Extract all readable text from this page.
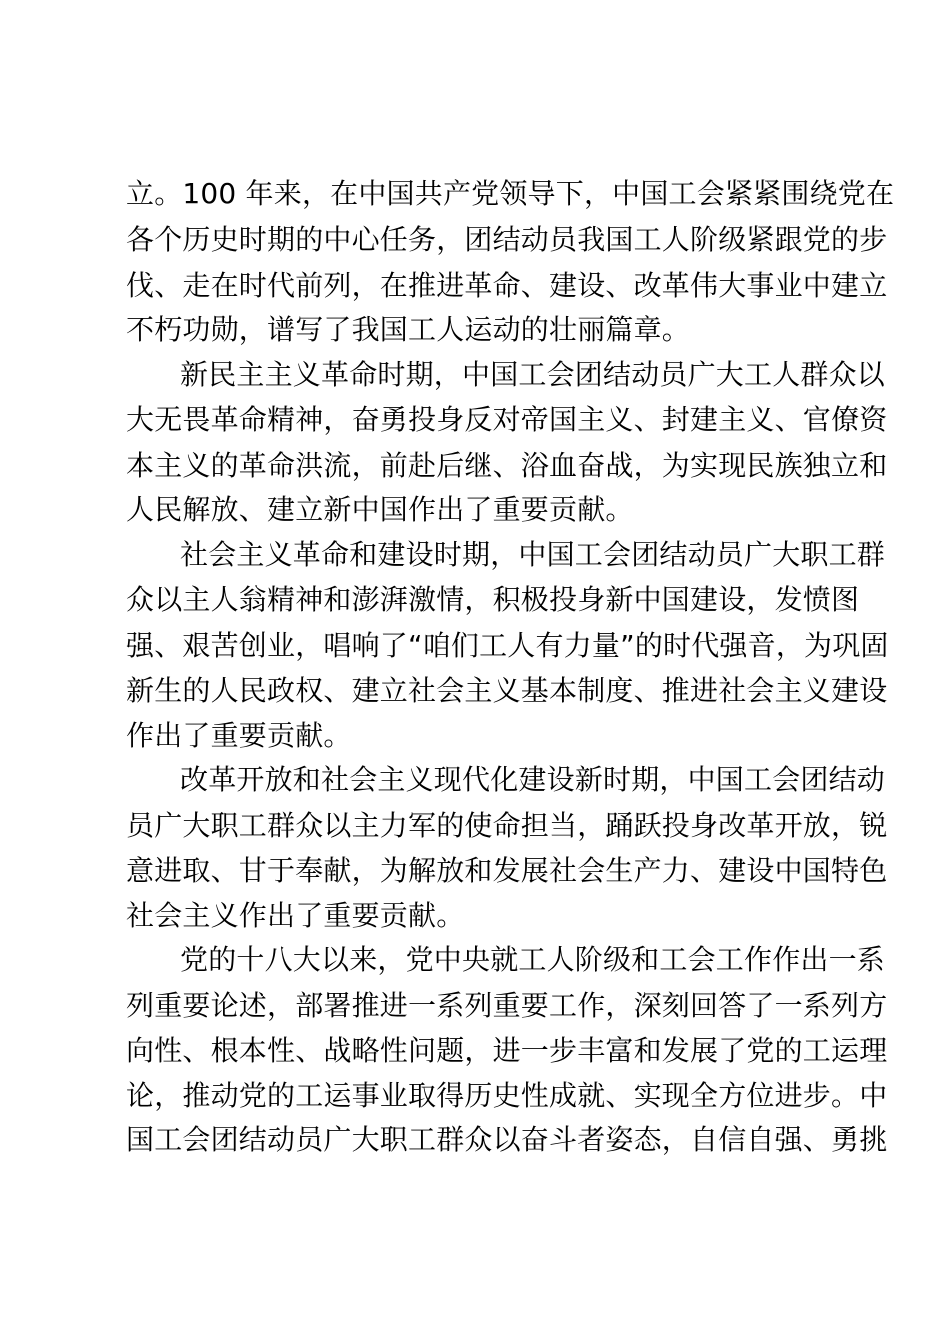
立。100 年来，在中国共产党领导下，中国工会紧紧围绕党在
各个历史时期的中心任务，团结动员我国工人阶级紧跟党的步
伐、走在时代前列，在推进革命、建设、改革伟大事业中建立
不朽功勋，谱写了我国工人运动的壮丽篇章。
新民主主义革命时期，中国工会团结动员广大工人群众以
大无畏革命精神，奋勇投身反对帝国主义、封建主义、官僚资
本主义的革命洪流，前赴后继、浴血奋战，为实现民族独立和
人民解放、建立新中国作出了重要贡献。
社会主义革命和建设时期，中国工会团结动员广大职工群
众以主人翁精神和澎湃激情，积极投身新中国建设，发愤图
强、艰苦创业，唱响了“咱们工人有力量”的时代强音，为巩固
新生的人民政权、建立社会主义基本制度、推进社会主义建设
作出了重要贡献。
改革开放和社会主义现代化建设新时期，中国工会团结动
员广大职工群众以主力军的使命担当，踊跃投身改革开放，锐
意进取、甘于奉献，为解放和发展社会生产力、建设中国特色
社会主义作出了重要贡献。
党的十八大以来，党中央就工人阶级和工会工作作出一系
列重要论述，部署推进一系列重要工作，深刻回答了一系列方
向性、根本性、战略性问题，进一步丰富和发展了党的工运理
论，推动党的工运事业取得历史性成就、实现全方位进步。中
国工会团结动员广大职工群众以奋斗者姿态，自信自强、勇挑
